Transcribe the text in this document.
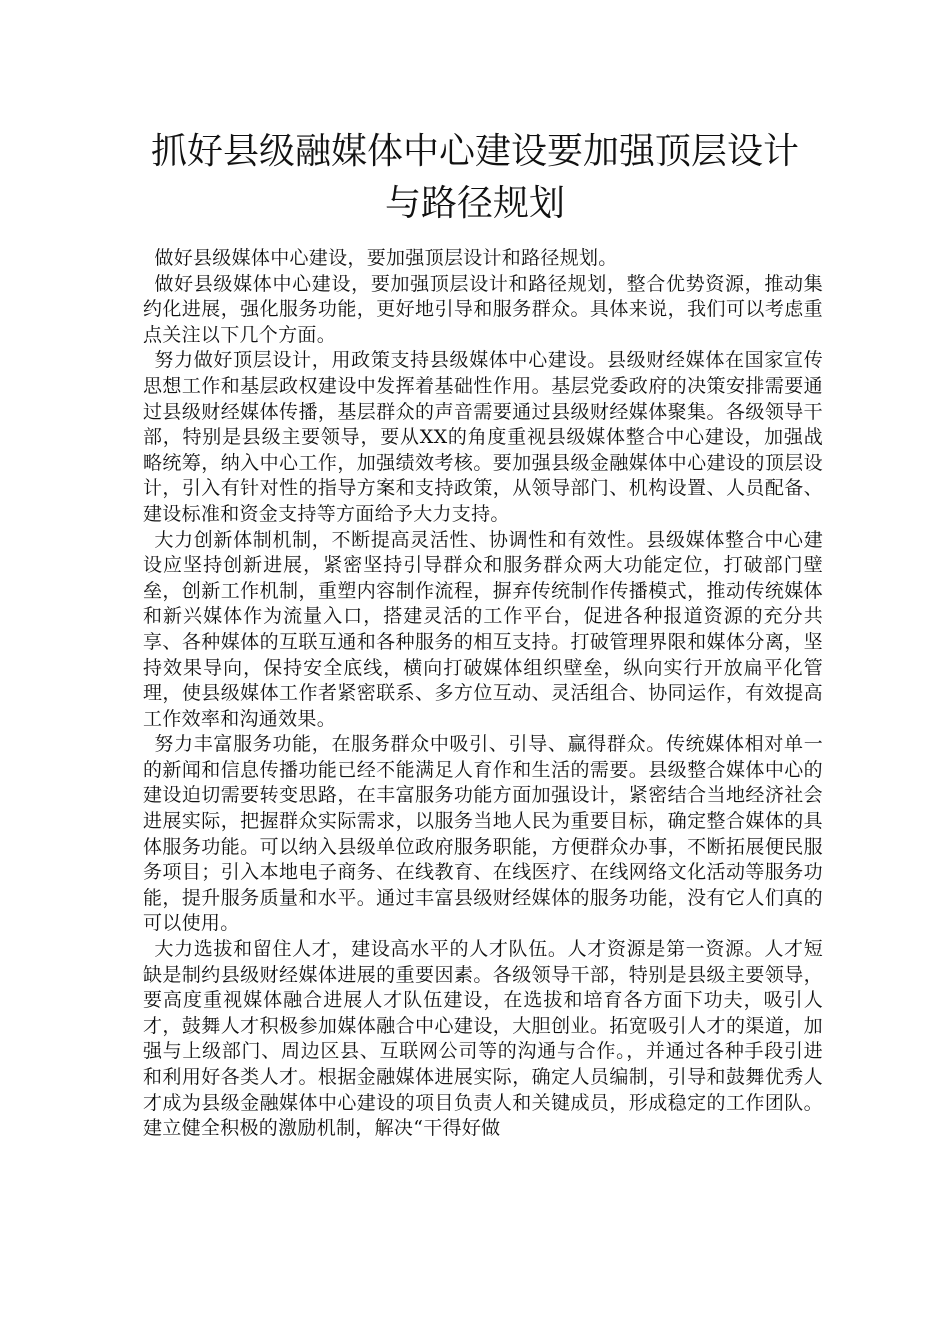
抓好县级融媒体中心建设要加强顶层设计
与路径规划

做好县级媒体中心建设，要加强顶层设计和路径规划。

做好县级媒体中心建设，要加强顶层设计和路径规划，整合优势资源，推动集约化进展，强化服务功能，更好地引导和服务群众。具体来说，我们可以考虑重点关注以下几个方面。

努力做好顶层设计，用政策支持县级媒体中心建设。县级财经媒体在国家宣传思想工作和基层政权建设中发挥着基础性作用。基层党委政府的决策安排需要通过县级财经媒体传播，基层群众的声音需要通过县级财经媒体聚集。各级领导干部，特别是县级主要领导，要从XX的角度重视县级媒体整合中心建设，加强战略统筹，纳入中心工作，加强绩效考核。要加强县级金融媒体中心建设的顶层设计，引入有针对性的指导方案和支持政策，从领导部门、机构设置、人员配备、建设标准和资金支持等方面给予大力支持。

大力创新体制机制，不断提高灵活性、协调性和有效性。县级媒体整合中心建设应坚持创新进展，紧密坚持引导群众和服务群众两大功能定位，打破部门壁垒，创新工作机制，重塑内容制作流程，摒弃传统制作传播模式，推动传统媒体和新兴媒体作为流量入口，搭建灵活的工作平台，促进各种报道资源的充分共享、各种媒体的互联互通和各种服务的相互支持。打破管理界限和媒体分离，坚持效果导向，保持安全底线，横向打破媒体组织壁垒，纵向实行开放扁平化管理，使县级媒体工作者紧密联系、多方位互动、灵活组合、协同运作，有效提高工作效率和沟通效果。

努力丰富服务功能，在服务群众中吸引、引导、赢得群众。传统媒体相对单一的新闻和信息传播功能已经不能满足人育作和生活的需要。县级整合媒体中心的建设迫切需要转变思路，在丰富服务功能方面加强设计，紧密结合当地经济社会进展实际，把握群众实际需求，以服务当地人民为重要目标，确定整合媒体的具体服务功能。可以纳入县级单位政府服务职能，方便群众办事，不断拓展便民服务项目；引入本地电子商务、在线教育、在线医疗、在线网络文化活动等服务功能，提升服务质量和水平。通过丰富县级财经媒体的服务功能，没有它人们真的可以使用。

大力选拔和留住人才，建设高水平的人才队伍。人才资源是第一资源。人才短缺是制约县级财经媒体进展的重要因素。各级领导干部，特别是县级主要领导，要高度重视媒体融合进展人才队伍建设，在选拔和培育各方面下功夫，吸引人才，鼓舞人才积极参加媒体融合中心建设，大胆创业。拓宽吸引人才的渠道，加强与上级部门、周边区县、互联网公司等的沟通与合作。，并通过各种手段引进和利用好各类人才。根据金融媒体进展实际，确定人员编制，引导和鼓舞优秀人才成为县级金融媒体中心建设的项目负责人和关键成员，形成稳定的工作团队。建立健全积极的激励机制，解决“干得好做
